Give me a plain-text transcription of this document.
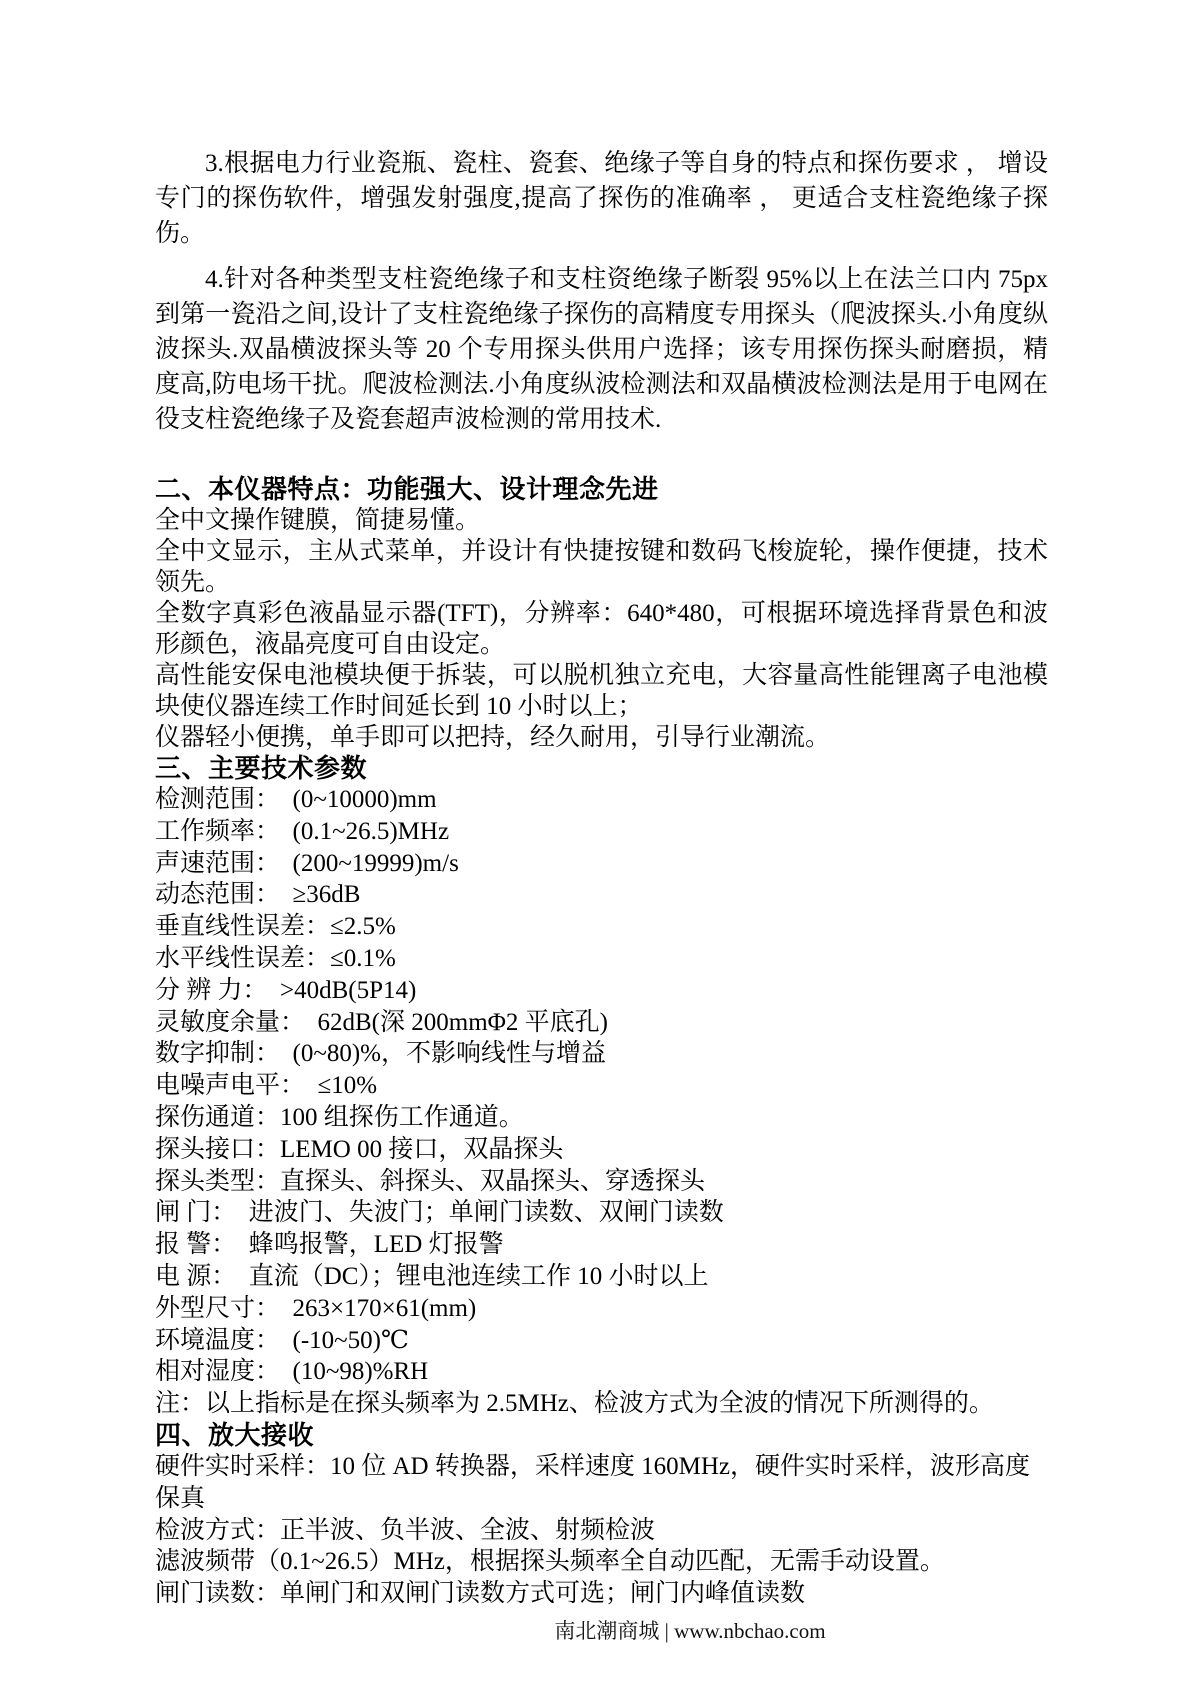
3.根据电力行业瓷瓶、瓷柱、瓷套、绝缘子等自身的特点和探伤要求 ， 增设专门的探伤软件，增强发射强度,提高了探伤的准确率 ， 更适合支柱瓷绝缘子探伤。

4.针对各种类型支柱瓷绝缘子和支柱资绝缘子断裂 95%以上在法兰口内 75px 到第一瓷沿之间,设计了支柱瓷绝缘子探伤的高精度专用探头（爬波探头.小角度纵波探头.双晶横波探头等 20 个专用探头供用户选择；该专用探伤探头耐磨损，精度高,防电场干扰。爬波检测法.小角度纵波检测法和双晶横波检测法是用于电网在役支柱瓷绝缘子及瓷套超声波检测的常用技术.

二、本仪器特点：功能强大、设计理念先进

全中文操作键膜，简捷易懂。

全中文显示，主从式菜单，并设计有快捷按键和数码飞梭旋轮，操作便捷，技术领先。

全数字真彩色液晶显示器(TFT)，分辨率：640*480，可根据环境选择背景色和波形颜色，液晶亮度可自由设定。

高性能安保电池模块便于拆装，可以脱机独立充电，大容量高性能锂离子电池模块使仪器连续工作时间延长到 10 小时以上；

仪器轻小便携，单手即可以把持，经久耐用，引导行业潮流。

三、主要技术参数

检测范围：  (0~10000)mm

工作频率：  (0.1~26.5)MHz

声速范围：  (200~19999)m/s

动态范围：  ≥36dB

垂直线性误差：≤2.5%

水平线性误差：≤0.1%

分 辨 力：  >40dB(5P14)

灵敏度余量：  62dB(深 200mmΦ2 平底孔)

数字抑制：  (0~80)%，不影响线性与增益

电噪声电平：  ≤10%

探伤通道：100 组探伤工作通道。

探头接口：LEMO 00 接口，双晶探头

探头类型：直探头、斜探头、双晶探头、穿透探头

闸 门：  进波门、失波门；单闸门读数、双闸门读数

报 警：  蜂鸣报警，LED 灯报警

电 源：  直流（DC）；锂电池连续工作 10 小时以上

外型尺寸：  263×170×61(mm)

环境温度：  (-10~50)℃

相对湿度：  (10~98)%RH

注：以上指标是在探头频率为 2.5MHz、检波方式为全波的情况下所测得的。

四、放大接收

硬件实时采样：10 位 AD 转换器，采样速度 160MHz，硬件实时采样，波形高度保真

检波方式：正半波、负半波、全波、射频检波

滤波频带（0.1~26.5）MHz，根据探头频率全自动匹配，无需手动设置。

闸门读数：单闸门和双闸门读数方式可选；闸门内峰值读数

南北潮商城 | www.nbchao.com
